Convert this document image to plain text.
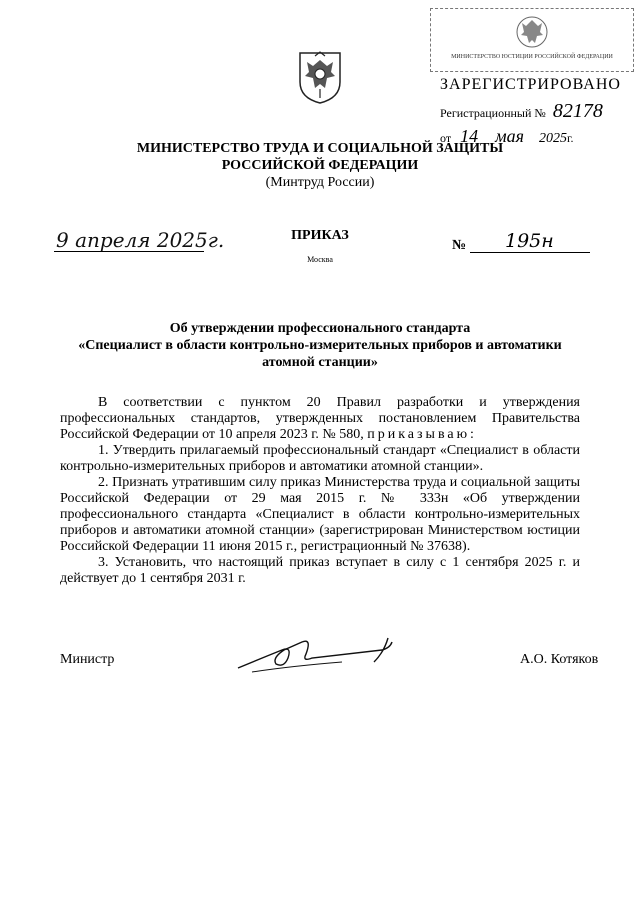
МИНИСТЕРСТВО ЮСТИЦИИ РОССИЙСКОЙ ФЕДЕРАЦИИ
ЗАРЕГИСТРИРОВАНО
Регистрационный № 82178
от 14 мая 2025г.
МИНИСТЕРСТВО ТРУДА И СОЦИАЛЬНОЙ ЗАЩИТЫ
РОССИЙСКОЙ ФЕДЕРАЦИИ
(Минтруд России)
9 апреля 2025г.	ПРИКАЗ
Москва
№ 195н
Об утверждении профессионального стандарта
«Специалист в области контрольно-измерительных приборов и автоматики
атомной станции»

В соответствии с пунктом 20 Правил разработки и утверждения профессиональных стандартов, утвержденных постановлением Правительства Российской Федерации от 10 апреля 2023 г. № 580, приказываю:

1. Утвердить прилагаемый профессиональный стандарт «Специалист в области контрольно-измерительных приборов и автоматики атомной станции».

2. Признать утратившим силу приказ Министерства труда и социальной защиты Российской Федерации от 29 мая 2015 г. № 333н «Об утверждении профессионального стандарта «Специалист в области контрольно-измерительных приборов и автоматики атомной станции» (зарегистрирован Министерством юстиции Российской Федерации 11 июня 2015 г., регистрационный № 37638).

3. Установить, что настоящий приказ вступает в силу с 1 сентября 2025 г. и действует до 1 сентября 2031 г.

Министр	А.О. Котяков
